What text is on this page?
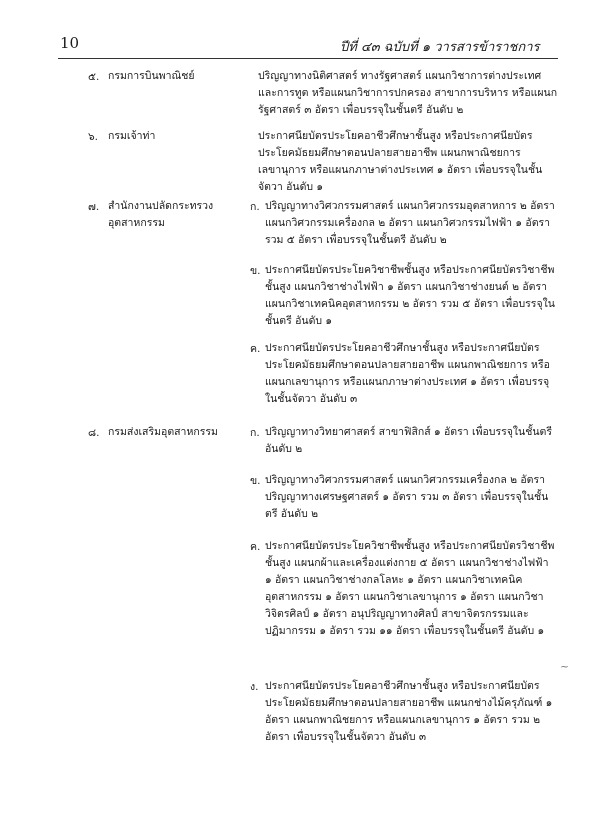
10	ปีที่ ๔๓ ฉบับที่ ๑ วารสารข้าราชการ
๕. กรมการบินพาณิชย์	ปริญญาทางนิติศาสตร์ ทางรัฐศาสตร์ แผนกวิชาการต่างประเทศ และการทูต หรือแผนกวิชาการปกครอง สาขาการบริหาร หรือแผนกรัฐศาสตร์ ๓ อัตรา เพื่อบรรจุในชั้นตรี อันดับ ๒
๖. กรมเจ้าท่า	ประกาศนียบัตรประโยคอาชีวศึกษาชั้นสูง หรือประกาศนียบัตรประโยคมัธยมศึกษาตอนปลายสายอาชีพ แผนกพาณิชยการ เลขานุการ หรือแผนกภาษาต่างประเทศ ๑ อัตรา เพื่อบรรจุในชั้นจัตวา อันดับ ๑
๗. สำนักงานปลัดกระทรวงอุตสาหกรรม
ก. ปริญญาทางวิศวกรรมศาสตร์ แผนกวิศวกรรมอุตสาหการ ๒ อัตรา แผนกวิศวกรรมเครื่องกล ๒ อัตรา แผนกวิศวกรรมไฟฟ้า ๑ อัตรา รวม ๕ อัตรา เพื่อบรรจุในชั้นตรี อันดับ ๒
ข. ประกาศนียบัตรประโยควิชาชีพชั้นสูง หรือประกาศนียบัตรวิชาชีพชั้นสูง แผนกวิชาช่างไฟฟ้า ๑ อัตรา แผนกวิชาช่างยนต์ ๒ อัตรา แผนกวิชาเทคนิคอุตสาหกรรม ๒ อัตรา รวม ๕ อัตรา เพื่อบรรจุในชั้นตรี อันดับ ๑
ค. ประกาศนียบัตรประโยคอาชีวศึกษาชั้นสูง หรือประกาศนียบัตรประโยคมัธยมศึกษาตอนปลายสายอาชีพ แผนกพาณิชยการ หรือแผนกเลขานุการ หรือแผนกภาษาต่างประเทศ ๑ อัตรา เพื่อบรรจุในชั้นจัตวา อันดับ ๓
๘. กรมส่งเสริมอุตสาหกรรม	ก. ปริญญาทางวิทยาศาสตร์ สาขาฟิสิกส์ ๑ อัตรา เพื่อบรรจุในชั้นตรี อันดับ ๒
ข. ปริญญาทางวิศวกรรมศาสตร์ แผนกวิศวกรรมเครื่องกล ๒ อัตรา ปริญญาทางเศรษฐศาสตร์ ๑ อัตรา รวม ๓ อัตรา เพื่อบรรจุในชั้นตรี อันดับ ๒
ค. ประกาศนียบัตรประโยควิชาชีพชั้นสูง หรือประกาศนียบัตรวิชาชีพชั้นสูง แผนกผ้าและเครื่องแต่งกาย ๕ อัตรา แผนกวิชาช่างไฟฟ้า ๑ อัตรา แผนกวิชาช่างกลโลหะ ๑ อัตรา แผนกวิชาเทคนิคอุตสาหกรรม ๑ อัตรา แผนกวิชาเลขานุการ ๑ อัตรา แผนกวิชาวิจิตรศิลป์ ๑ อัตรา อนุปริญญาทางศิลป์ สาขาจิตรกรรมและปฏิมากรรม ๑ อัตรา รวม ๑๑ อัตรา เพื่อบรรจุในชั้นตรี อันดับ ๑
ง. ประกาศนียบัตรประโยคอาชีวศึกษาชั้นสูง หรือประกาศนียบัตรประโยคมัธยมศึกษาตอนปลายสายอาชีพ แผนกช่างไม้ครุภัณฑ์ ๑ อัตรา แผนกพาณิชยการ หรือแผนกเลขานุการ ๑ อัตรา รวม ๒ อัตรา เพื่อบรรจุในชั้นจัตวา อันดับ ๓
~
